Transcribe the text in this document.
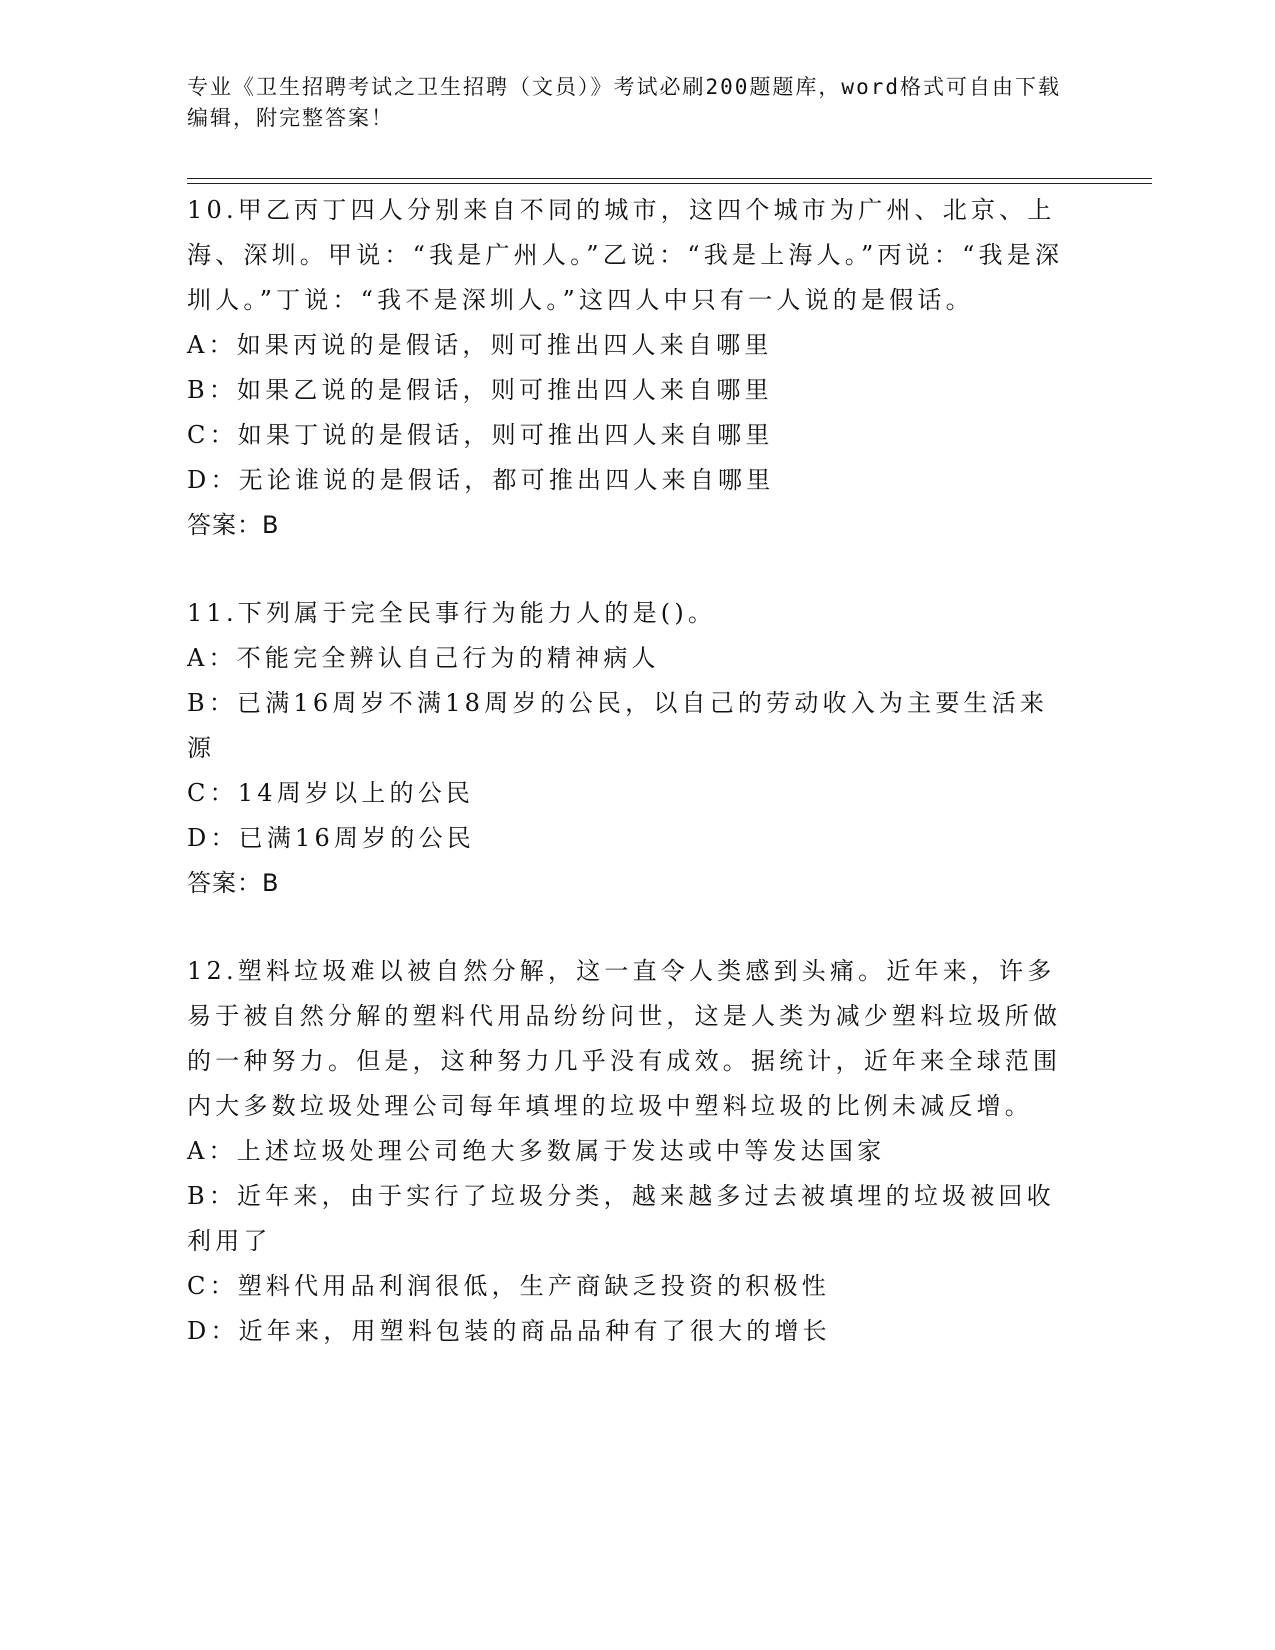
专业《卫生招聘考试之卫生招聘（文员）》考试必刷200题题库，word格式可自由下载编辑，附完整答案！
10.甲乙丙丁四人分别来自不同的城市，这四个城市为广州、北京、上海、深圳。甲说：“我是广州人。”乙说：“我是上海人。”丙说：“我是深圳人。”丁说：“我不是深圳人。”这四人中只有一人说的是假话。
A：如果丙说的是假话，则可推出四人来自哪里
B：如果乙说的是假话，则可推出四人来自哪里
C：如果丁说的是假话，则可推出四人来自哪里
D：无论谁说的是假话，都可推出四人来自哪里
答案：B
11.下列属于完全民事行为能力人的是()。
A：不能完全辨认自己行为的精神病人
B：已满16周岁不满18周岁的公民，以自己的劳动收入为主要生活来源
C：14周岁以上的公民
D：已满16周岁的公民
答案：B
12.塑料垃圾难以被自然分解，这一直令人类感到头痛。近年来，许多易于被自然分解的塑料代用品纷纷问世，这是人类为减少塑料垃圾所做的一种努力。但是，这种努力几乎没有成效。据统计，近年来全球范围内大多数垃圾处理公司每年填埋的垃圾中塑料垃圾的比例未减反增。
A：上述垃圾处理公司绝大多数属于发达或中等发达国家
B：近年来，由于实行了垃圾分类，越来越多过去被填埋的垃圾被回收利用了
C：塑料代用品利润很低，生产商缺乏投资的积极性
D：近年来，用塑料包装的商品品种有了很大的增长
